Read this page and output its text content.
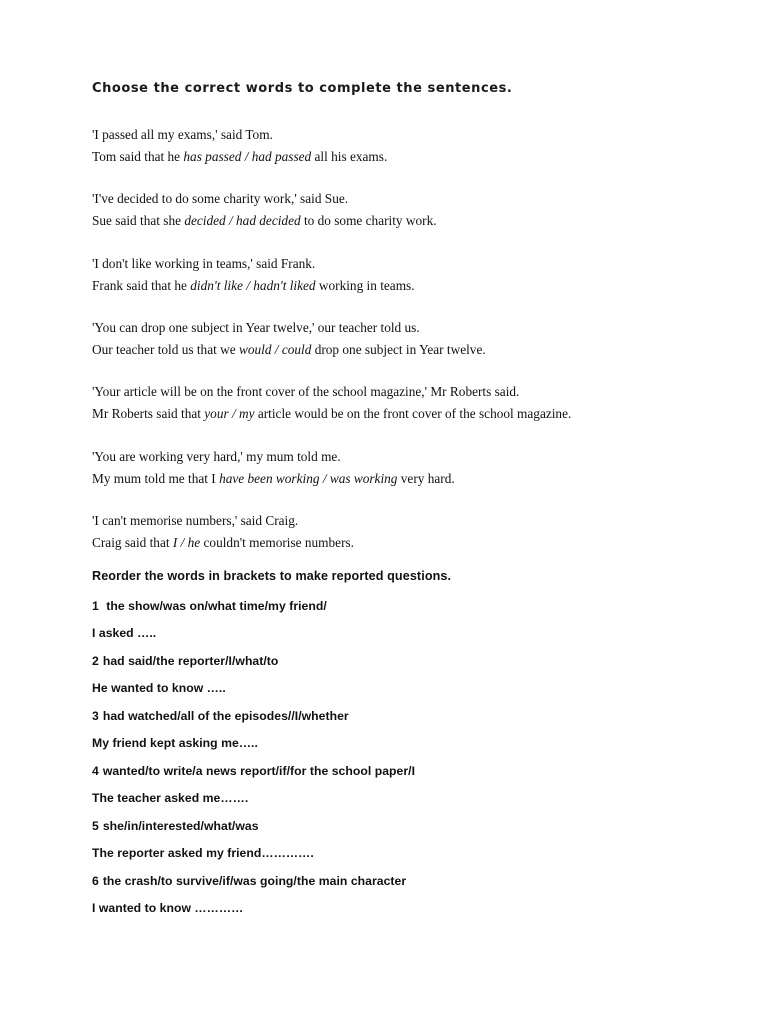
Choose the correct words to complete the sentences.
'I passed all my exams,' said Tom.
Tom said that he has passed / had passed all his exams.
'I've decided to do some charity work,' said Sue.
Sue said that she decided / had decided to do some charity work.
'I don't like working in teams,' said Frank.
Frank said that he didn't like / hadn't liked working in teams.
'You can drop one subject in Year twelve,' our teacher told us.
Our teacher told us that we would / could drop one subject in Year twelve.
'Your article will be on the front cover of the school magazine,' Mr Roberts said.
Mr Roberts said that your / my article would be on the front cover of the school magazine.
'You are working very hard,' my mum told me.
My mum told me that I have been working / was working very hard.
'I can't memorise numbers,' said Craig.
Craig said that I / he couldn't memorise numbers.
Reorder the words in brackets to make reported questions.
1 the show/was on/what time/my friend/
I asked …..
2 had said/the reporter/I/what/to
He wanted to know …..
3 had watched/all of the episodes//I/whether
My friend kept asking me…..
4 wanted/to write/a news report/if/for the school paper/I
The teacher asked me…….
5 she/in/interested/what/was
The reporter asked my friend………….
6 the crash/to survive/if/was going/the main character
I wanted to know …………
